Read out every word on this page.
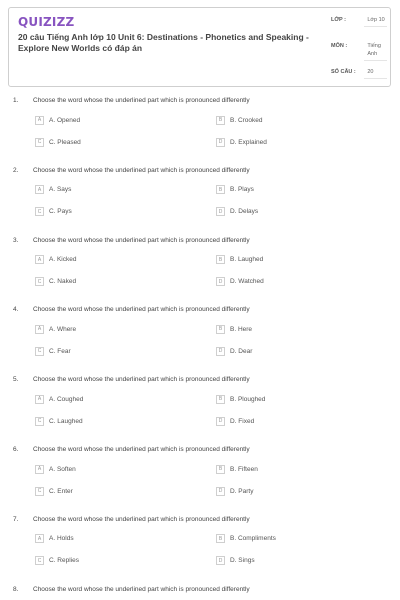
QUIZIZZ
20 câu Tiếng Anh lớp 10 Unit 6: Destinations - Phonetics and Speaking - Explore New Worlds có đáp án
LỚP :	Lớp 10
MÔN :	Tiếng Anh
SỐ CÂU :	20
1. Choose the word whose the underlined part which is pronounced differently
A	A. Opened	B	B. Crooked
C	C. Pleased	D	D. Explained
2. Choose the word whose the underlined part which is pronounced differently
A	A. Says	B	B. Plays
C	C. Pays	D	D. Delays
3. Choose the word whose the underlined part which is pronounced differently
A	A. Kicked	B	B. Laughed
C	C. Naked	D	D. Watched
4. Choose the word whose the underlined part which is pronounced differently
A	A. Where	B	B. Here
C	C. Fear	D	D. Dear
5. Choose the word whose the underlined part which is pronounced differently
A	A. Coughed	B	B. Ploughed
C	C. Laughed	D	D. Fixed
6. Choose the word whose the underlined part which is pronounced differently
A	A. Soften	B	B. Fifteen
C	C. Enter	D	D. Party
7. Choose the word whose the underlined part which is pronounced differently
A	A. Holds	B	B. Compliments
C	C. Replies	D	D. Sings
8. Choose the word whose the underlined part which is pronounced differently
